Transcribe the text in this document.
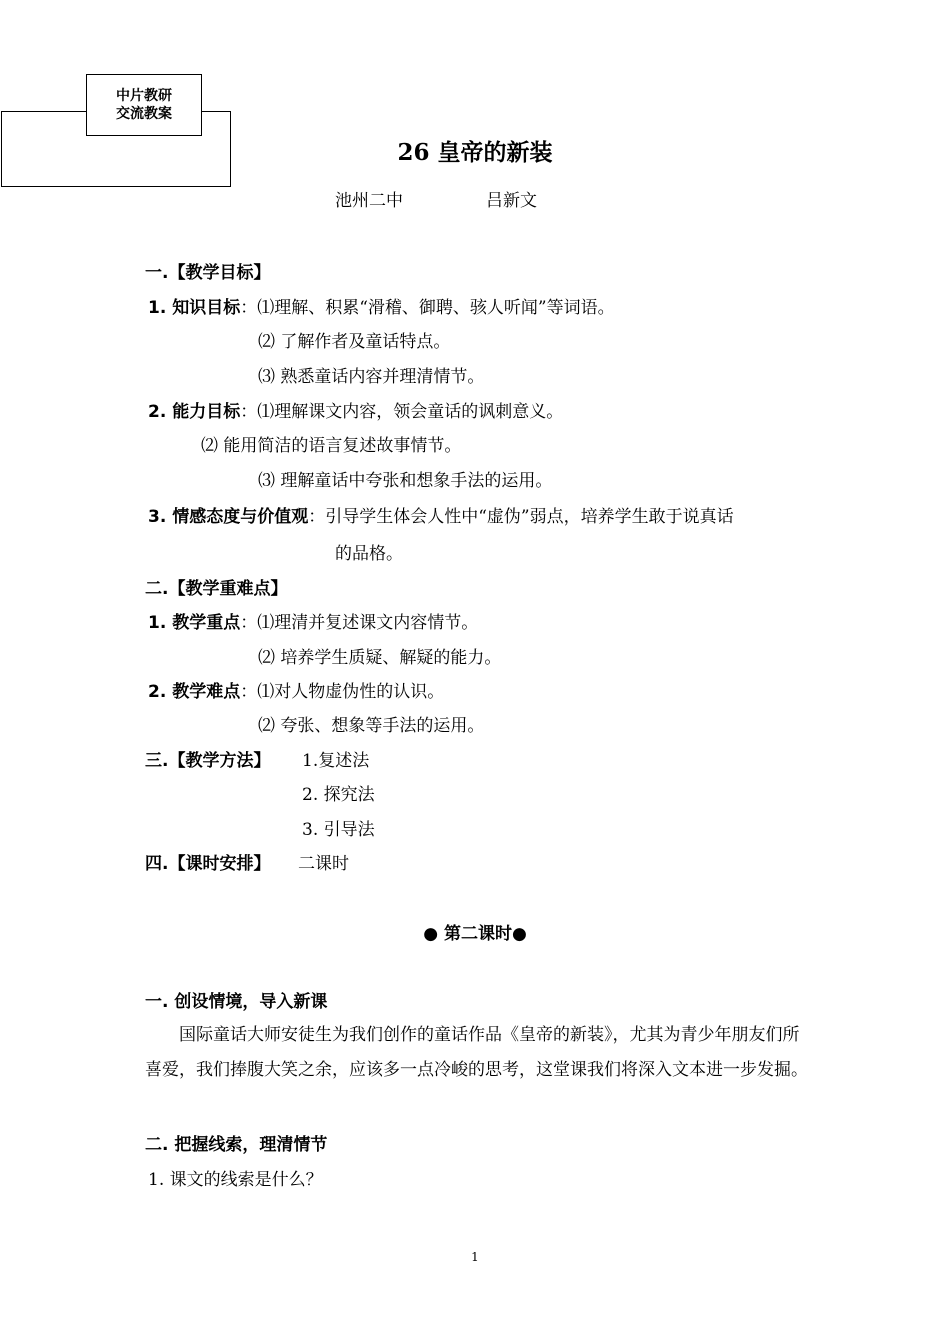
中片教研
交流教案
26 皇帝的新装
池州二中	吕新文
一.【教学目标】
1. 知识目标：⑴理解、积累“滑稽、御聘、骇人听闻”等词语。
⑵ 了解作者及童话特点。
⑶ 熟悉童话内容并理清情节。
2. 能力目标：⑴理解课文内容，领会童话的讽刺意义。
⑵ 能用简洁的语言复述故事情节。
⑶ 理解童话中夸张和想象手法的运用。
3. 情感态度与价值观：引导学生体会人性中“虚伪”弱点，培养学生敢于说真话
的品格。
二.【教学重难点】
1. 教学重点：⑴理清并复述课文内容情节。
⑵ 培养学生质疑、解疑的能力。
2. 教学难点：⑴对人物虚伪性的认识。
⑵ 夸张、想象等手法的运用。
三.【教学方法】 1.复述法
2. 探究法
3. 引导法
四.【课时安排】 二课时
● 第二课时●
一. 创设情境，导入新课
国际童话大师安徒生为我们创作的童话作品《皇帝的新装》，尤其为青少年朋友们所喜爱，我们捧腹大笑之余，应该多一点冷峻的思考，这堂课我们将深入文本进一步发掘。
二. 把握线索，理清情节
1. 课文的线索是什么？
1
